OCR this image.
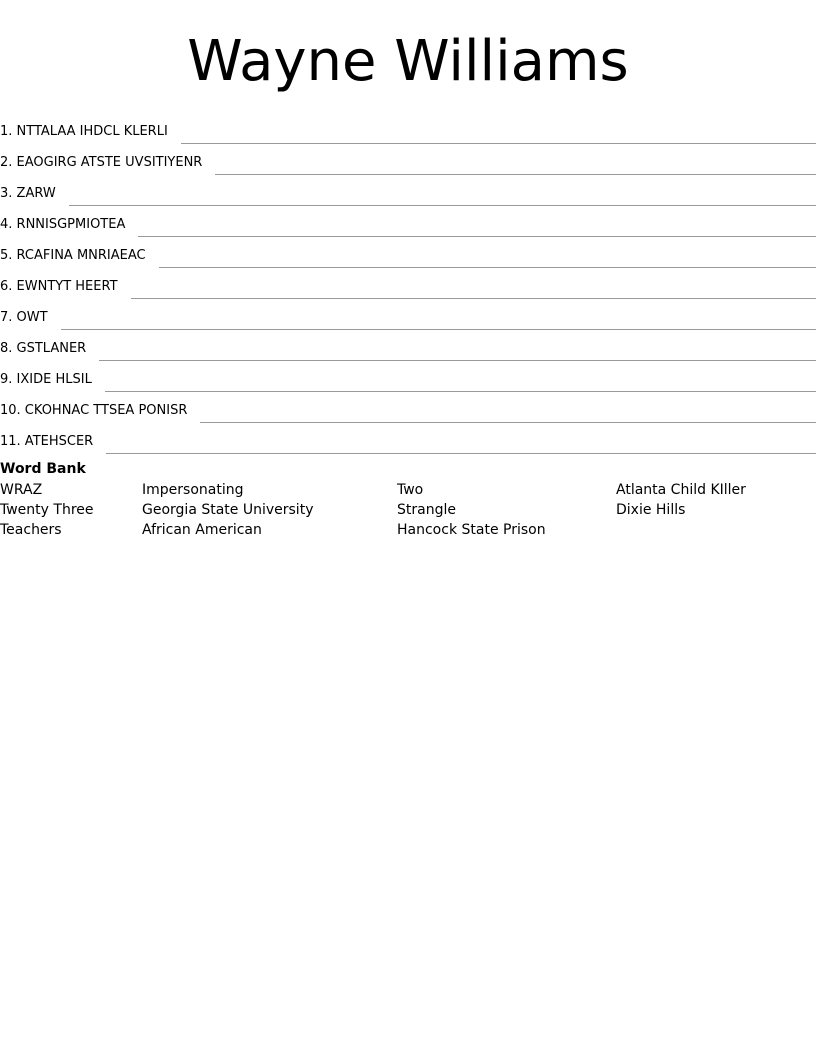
Wayne Williams
1. NTTALAA IHDCL KLERLI
2. EAOGIRG ATSTE UVSITIYENR
3. ZARW
4. RNNISGPMIOTEA
5. RCAFINA MNRIAEAC
6. EWNTYT HEERT
7. OWT
8. GSTLANER
9. IXIDE HLSIL
10. CKOHNAC TTSEA PONISR
11. ATEHSCER
Word Bank
WRAZ	Impersonating	Two	Atlanta Child KIller
Twenty Three	Georgia State University	Strangle	Dixie Hills
Teachers	African American	Hancock State Prison
